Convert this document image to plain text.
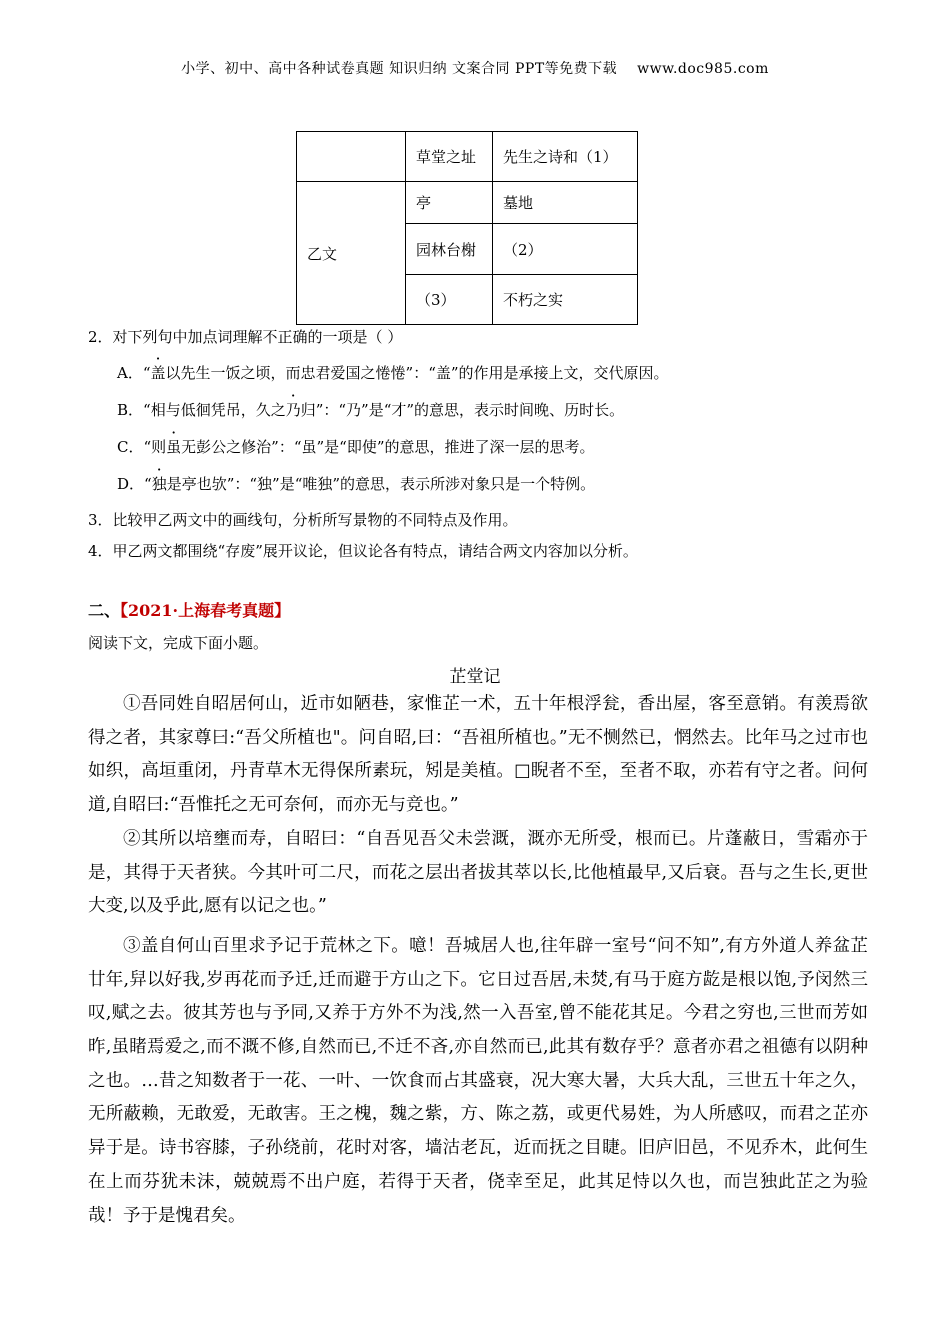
小学、初中、高中各种试卷真题 知识归纳 文案合同 PPT等免费下载 www.doc985.com
	草堂之址	先生之诗和（1）
乙文	亭	墓地
	园林台榭	（2）
	（3）	不朽之实
2．对下列句中加点词理解不正确的一项是（ ）
A．“盖以先生一饭之顷，而忠君爱国之惓惓”：“盖”的作用是承接上文，交代原因。
B．“相与低徊凭吊，久之乃归”：“乃”是“才”的意思，表示时间晚、历时长。
C．“则虽无彭公之修治”：“虽”是“即使”的意思，推进了深一层的思考。
D．“独是亭也欤”：“独”是“唯独”的意思，表示所涉对象只是一个特例。
3．比较甲乙两文中的画线句，分析所写景物的不同特点及作用。
4．甲乙两文都围绕“存废”展开议论，但议论各有特点，请结合两文内容加以分析。
二、【2021·上海春考真题】
阅读下文，完成下面小题。
芷堂记

①吾同姓自昭居何山，近市如陋巷，家惟芷一术，五十年根浮瓮，香出屋，客至意销。有羡焉欲得之者，其家尊曰:“吾父所植也"。问自昭,曰：“吾祖所植也。”无不恻然已，惘然去。比年马之过市也如织，高垣重闭，丹青草木无得保所素玩，矧是美植。□睨者不至，至者不取，亦若有守之者。问何道,自昭曰:“吾惟托之无可奈何，而亦无与竞也。”

②其所以培壅而寿，自昭曰：“自吾见吾父未尝溉，溉亦无所受，根而已。片蓬蔽日，雪霜亦于是，其得于天者狭。今其叶可二尺，而花之层出者拔其萃以长,比他植最早,又后衰。吾与之生长,更世大变,以及乎此,愿有以记之也。”

③盖自何山百里求予记于荒林之下。噫！吾城居人也,往年辟一室号“问不知”,有方外道人养盆芷廿年,舁以好我,岁再花而予迁,迁而避于方山之下。它日过吾居,未焚,有马于庭方龁是根以饱,予闵然三叹,赋之去。彼其芳也与予同,又养于方外不为浅,然一入吾室,曾不能花其足。今君之穷也,三世而芳如昨,虽睹焉爱之,而不溉不修,自然而已,不迁不吝,亦自然而已,此其有数存乎？意者亦君之祖德有以阴种之也。…昔之知数者于一花、一叶、一饮食而占其盛衰，况大寒大暑，大兵大乱，三世五十年之久，无所蔽赖，无敢爱，无敢害。王之槐，魏之紫，方、陈之荔，或更代易姓，为人所感叹，而君之芷亦异于是。诗书容膝，子孙绕前，花时对客，墙沽老瓦，近而抚之目睫。旧庐旧邑，不见乔木，此何生在上而芬犹未沫，兢兢焉不出户庭，若得于天者，侥幸至足，此其足恃以久也，而岂独此芷之为验哉！予于是愧君矣。
